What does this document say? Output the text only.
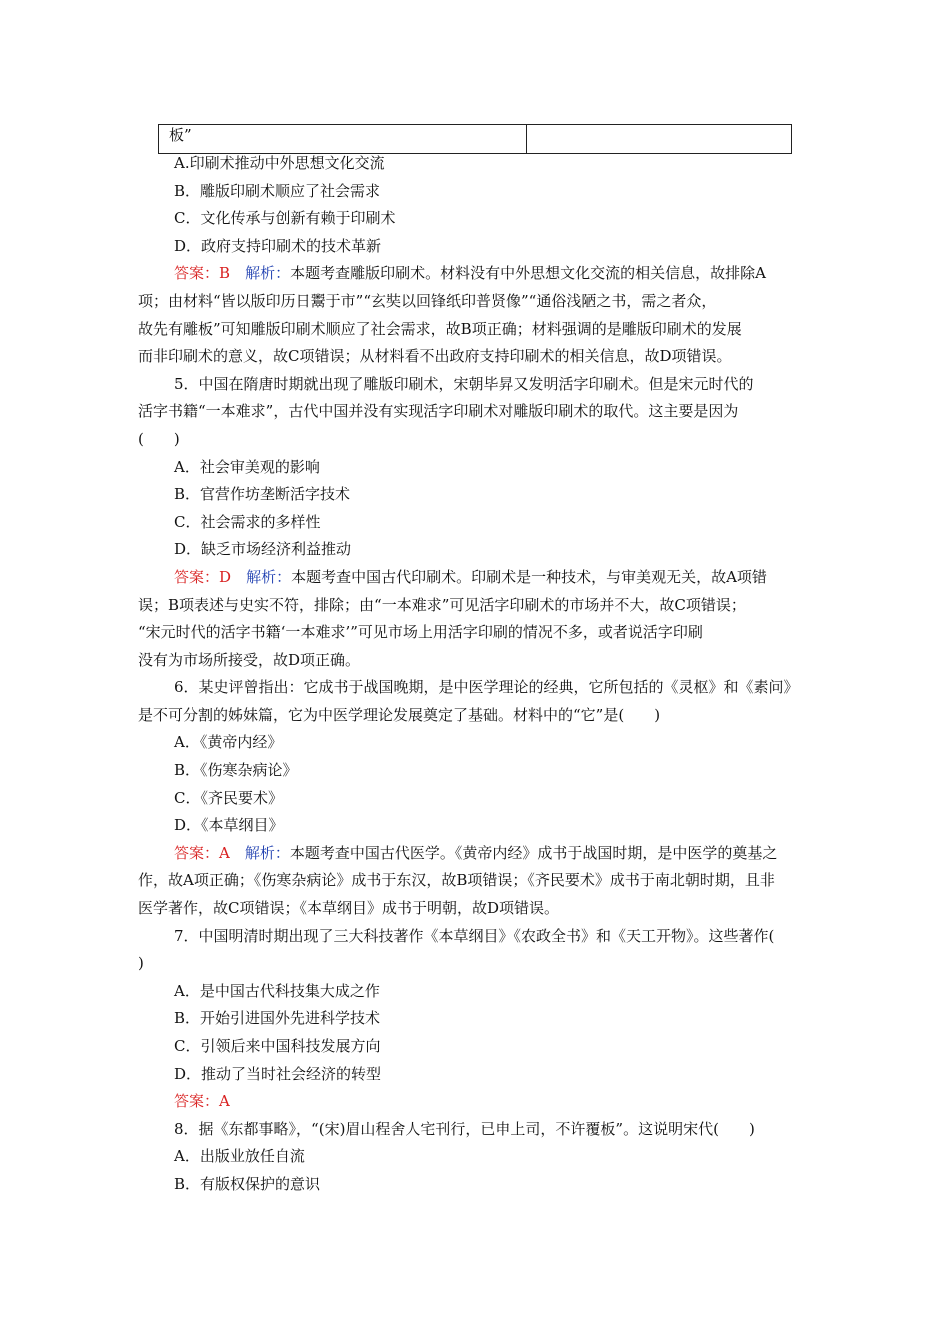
板”
A.印刷术推动中外思想文化交流
B．雕版印刷术顺应了社会需求
C．文化传承与创新有赖于印刷术
D．政府支持印刷术的技术革新
答案：B　 解析：本题考查雕版印刷术。材料没有中外思想文化交流的相关信息，故排除A
项；由材料“皆以版印历日鬻于市”“玄奘以回锋纸印普贤像”“通俗浅陋之书，需之者众，
故先有雕板”可知雕版印刷术顺应了社会需求，故B项正确；材料强调的是雕版印刷术的发展
而非印刷术的意义，故C项错误；从材料看不出政府支持印刷术的相关信息，故D项错误。
5．中国在隋唐时期就出现了雕版印刷术，宋朝毕昇又发明活字印刷术。但是宋元时代的
活字书籍“一本难求”，古代中国并没有实现活字印刷术对雕版印刷术的取代。这主要是因为
(　　)
A．社会审美观的影响
B．官营作坊垄断活字技术
C．社会需求的多样性
D．缺乏市场经济利益推动
答案：D　 解析：本题考查中国古代印刷术。印刷术是一种技术，与审美观无关，故A项错
误；B项表述与史实不符，排除；由“一本难求”可见活字印刷术的市场并不大，故C项错误；
“宋元时代的活字书籍‘一本难求’”可见市场上用活字印刷的情况不多，或者说活字印刷
没有为市场所接受，故D项正确。
6．某史评曾指出：它成书于战国晚期，是中医学理论的经典，它所包括的《灵枢》和《素问》
是不可分割的姊妹篇，它为中医学理论发展奠定了基础。材料中的“它”是(　　)
A．《黄帝内经》
B．《伤寒杂病论》
C．《齐民要术》
D．《本草纲目》
答案：A　 解析：本题考查中国古代医学。《黄帝内经》成书于战国时期，是中医学的奠基之
作，故A项正确；《伤寒杂病论》成书于东汉，故B项错误；《齐民要术》成书于南北朝时期，且非
医学著作，故C项错误；《本草纲目》成书于明朝，故D项错误。
7．中国明清时期出现了三大科技著作《本草纲目》《农政全书》和《天工开物》。这些著作(
)
A．是中国古代科技集大成之作
B．开始引进国外先进科学技术
C．引领后来中国科技发展方向
D．推动了当时社会经济的转型
答案：A
8．据《东都事略》，“(宋)眉山程舍人宅刊行，已申上司，不许覆板”。这说明宋代(　　)
A．出版业放任自流
B．有版权保护的意识
